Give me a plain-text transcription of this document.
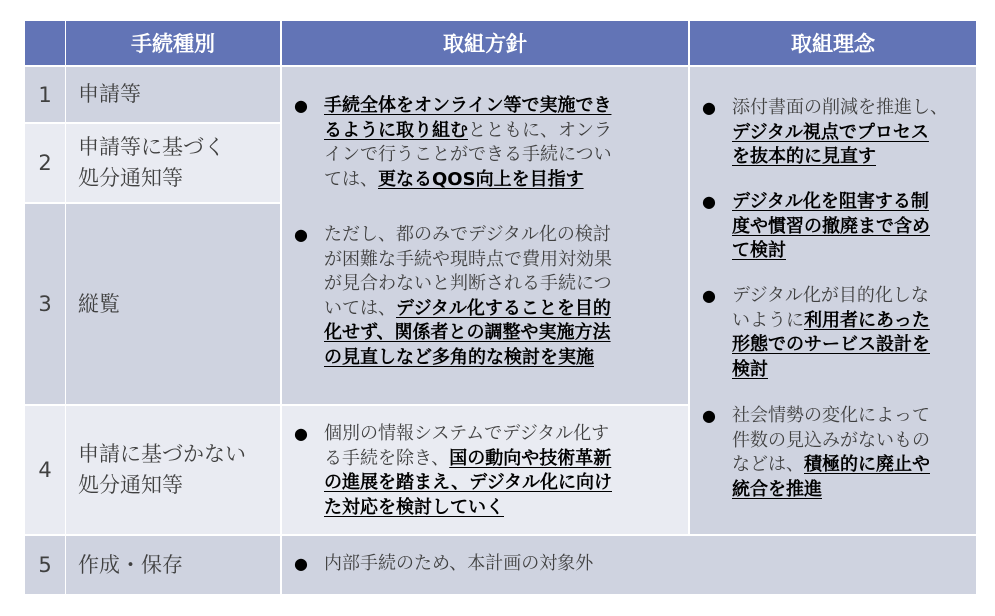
手続種別	取組方針	取組理念
1
2
3
4
5
申請等
申請等に基づく
処分通知等
縦覧
申請に基づかない
処分通知等
作成・保存
● 手続全体をオンライン等で実施でき
るように取り組むとともに、オンラ
インで行うことができる手続につい
ては、更なるQOS向上を目指す
● ただし、都のみでデジタル化の検討
が困難な手続や現時点で費用対効果
が見合わないと判断される手続につ
いては、デジタル化することを目的
化せず、関係者との調整や実施方法
の見直しなど多角的な検討を実施
● 個別の情報システムでデジタル化す
る手続を除き、国の動向や技術革新
の進展を踏まえ、デジタル化に向け
た対応を検討していく
● 添付書面の削減を推進し、
デジタル視点でプロセス
を抜本的に見直す
● デジタル化を阻害する制
度や慣習の撤廃まで含め
て検討
● デジタル化が目的化しな
いように利用者にあった
形態でのサービス設計を
検討
● 社会情勢の変化によって
件数の見込みがないもの
などは、積極的に廃止や
統合を推進
● 内部手続のため、本計画の対象外
